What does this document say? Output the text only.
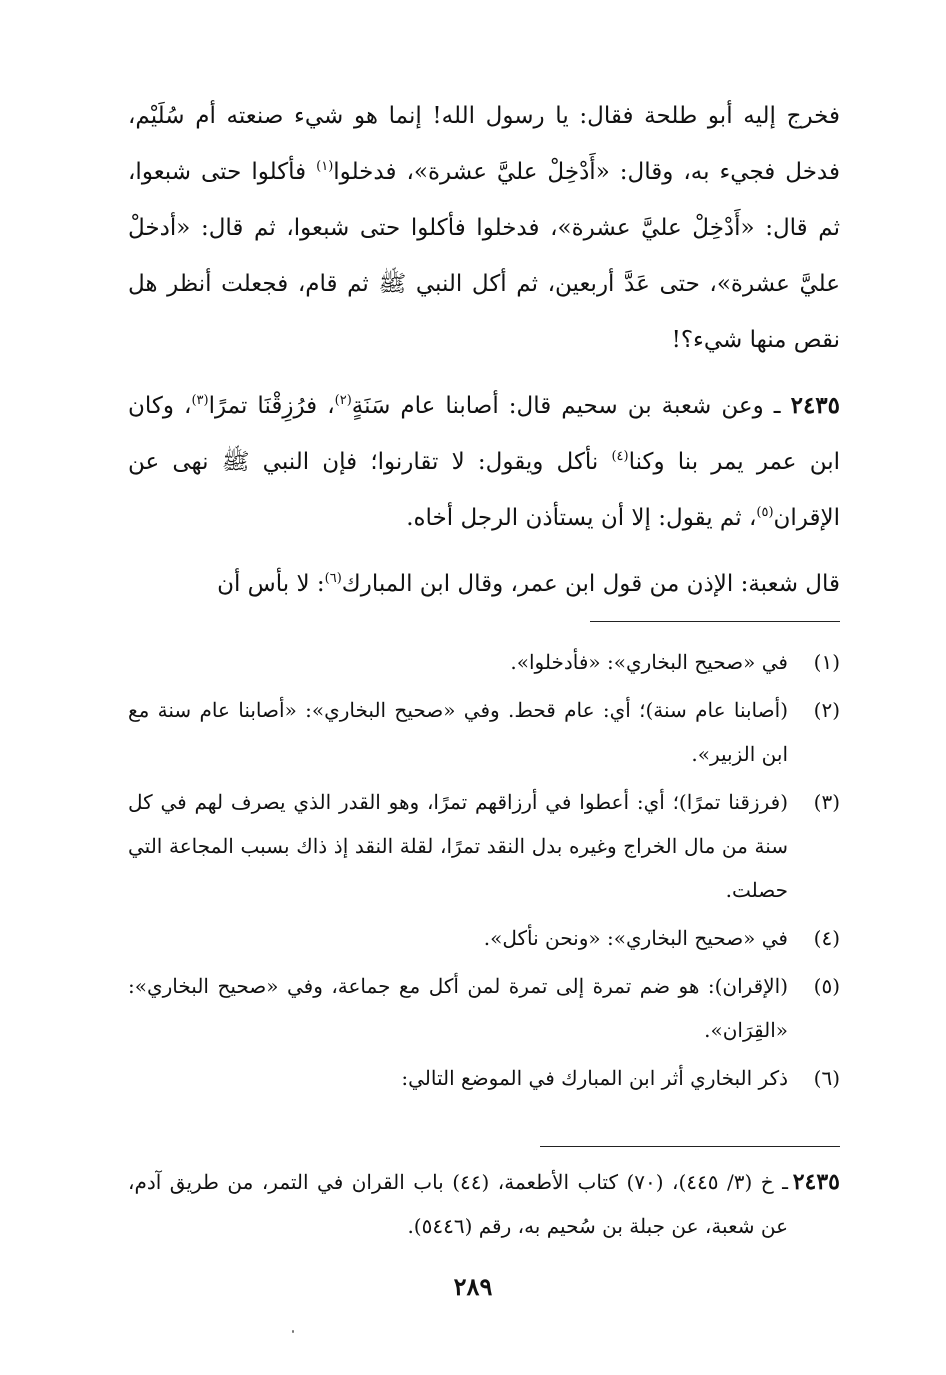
فخرج إليه أبو طلحة فقال: يا رسول الله! إنما هو شيء صنعته أم سُلَيْم، فدخل فجيء به، وقال: «أَدْخِلْ عليَّ عشرة»، فدخلوا$^{(١)}$ فأكلوا حتى شبعوا، ثم قال: «أَدْخِلْ عليَّ عشرة»، فدخلوا فأكلوا حتى شبعوا، ثم قال: «أدخلْ عليَّ عشرة»، حتى عَدَّ أربعين، ثم أكل النبي ﷺ ثم قام، فجعلت أنظر هل نقص منها شيء؟!

٢٤٣٥ ـ وعن شعبة بن سحيم قال: أصابنا عام سَنَةٍ$^{(٢)}$، فرُزِقْنَا تمرًا$^{(٣)}$، وكان ابن عمر يمر بنا وكنا$^{(٤)}$ نأكل ويقول: لا تقارنوا؛ فإن النبي ﷺ نهى عن الإقران$^{(٥)}$، ثم يقول: إلا أن يستأذن الرجل أخاه.

قال شعبة: الإذن من قول ابن عمر، وقال ابن المبارك$^{(٦)}$: لا بأس أن

(١)
في «صحيح البخاري»: «فأدخلوا».
(٢)
(أصابنا عام سنة)؛ أي: عام قحط. وفي «صحيح البخاري»: «أصابنا عام سنة مع ابن الزبير».
(٣)
(فرزقنا تمرًا)؛ أي: أعطوا في أرزاقهم تمرًا، وهو القدر الذي يصرف لهم في كل سنة من مال الخراج وغيره بدل النقد تمرًا، لقلة النقد إذ ذاك بسبب المجاعة التي حصلت.
(٤)
في «صحيح البخاري»: «ونحن نأكل».
(٥)
(الإقران): هو ضم تمرة إلى تمرة لمن أكل مع جماعة، وفي «صحيح البخاري»: «القِرَان».
(٦)
ذكر البخاري أثر ابن المبارك في الموضع التالي:
٢٤٣٥
ـ خ (٣/ ٤٤٥)، (٧٠) كتاب الأطعمة، (٤٤) باب القران في التمر، من طريق آدم، عن شعبة، عن جبلة بن سُحيم به، رقم (٥٤٤٦).
٢٨٩
